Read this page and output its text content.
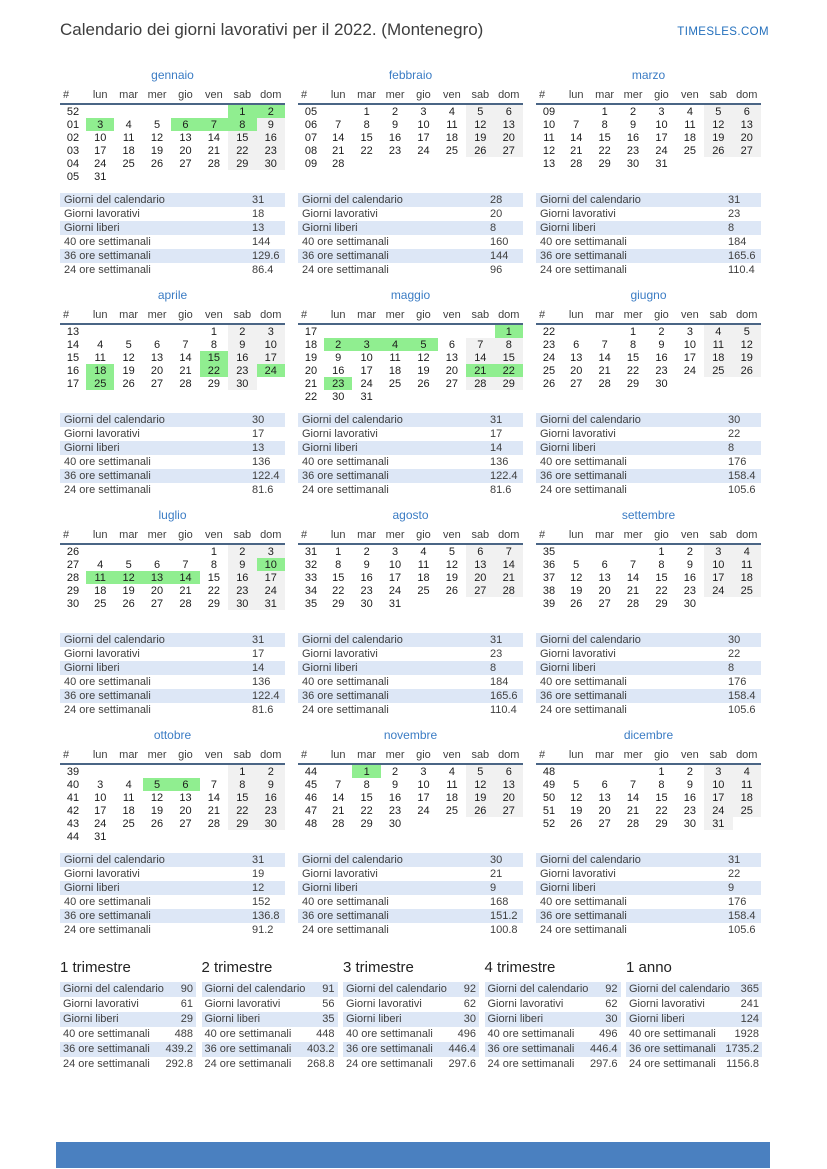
Calendario dei giorni lavorativi per il 2022. (Montenegro)	TIMESLES.COM
gennaio
#	lun	mar	mer	gio	ven	sab	dom
52						1	2
01	3	4	5	6	7	8	9
02	10	11	12	13	14	15	16
03	17	18	19	20	21	22	23
04	24	25	26	27	28	29	30
05	31						
Giorni del calendario	31
Giorni lavorativi	18
Giorni liberi	13
40 ore settimanali	144
36 ore settimanali	129.6
24 ore settimanali	86.4
febbraio
#	lun	mar	mer	gio	ven	sab	dom
05		1	2	3	4	5	6
06	7	8	9	10	11	12	13
07	14	15	16	17	18	19	20
08	21	22	23	24	25	26	27
09	28						
Giorni del calendario	28
Giorni lavorativi	20
Giorni liberi	8
40 ore settimanali	160
36 ore settimanali	144
24 ore settimanali	96
marzo
#	lun	mar	mer	gio	ven	sab	dom
09		1	2	3	4	5	6
10	7	8	9	10	11	12	13
11	14	15	16	17	18	19	20
12	21	22	23	24	25	26	27
13	28	29	30	31			
Giorni del calendario	31
Giorni lavorativi	23
Giorni liberi	8
40 ore settimanali	184
36 ore settimanali	165.6
24 ore settimanali	110.4
aprile
#	lun	mar	mer	gio	ven	sab	dom
13					1	2	3
14	4	5	6	7	8	9	10
15	11	12	13	14	15	16	17
16	18	19	20	21	22	23	24
17	25	26	27	28	29	30	
Giorni del calendario	30
Giorni lavorativi	17
Giorni liberi	13
40 ore settimanali	136
36 ore settimanali	122.4
24 ore settimanali	81.6
maggio
#	lun	mar	mer	gio	ven	sab	dom
17							1
18	2	3	4	5	6	7	8
19	9	10	11	12	13	14	15
20	16	17	18	19	20	21	22
21	23	24	25	26	27	28	29
22	30	31					
Giorni del calendario	31
Giorni lavorativi	17
Giorni liberi	14
40 ore settimanali	136
36 ore settimanali	122.4
24 ore settimanali	81.6
giugno
#	lun	mar	mer	gio	ven	sab	dom
22			1	2	3	4	5
23	6	7	8	9	10	11	12
24	13	14	15	16	17	18	19
25	20	21	22	23	24	25	26
26	27	28	29	30			
Giorni del calendario	30
Giorni lavorativi	22
Giorni liberi	8
40 ore settimanali	176
36 ore settimanali	158.4
24 ore settimanali	105.6
luglio
#	lun	mar	mer	gio	ven	sab	dom
26					1	2	3
27	4	5	6	7	8	9	10
28	11	12	13	14	15	16	17
29	18	19	20	21	22	23	24
30	25	26	27	28	29	30	31
Giorni del calendario	31
Giorni lavorativi	17
Giorni liberi	14
40 ore settimanali	136
36 ore settimanali	122.4
24 ore settimanali	81.6
agosto
#	lun	mar	mer	gio	ven	sab	dom
31	1	2	3	4	5	6	7
32	8	9	10	11	12	13	14
33	15	16	17	18	19	20	21
34	22	23	24	25	26	27	28
35	29	30	31				
Giorni del calendario	31
Giorni lavorativi	23
Giorni liberi	8
40 ore settimanali	184
36 ore settimanali	165.6
24 ore settimanali	110.4
settembre
#	lun	mar	mer	gio	ven	sab	dom
35				1	2	3	4
36	5	6	7	8	9	10	11
37	12	13	14	15	16	17	18
38	19	20	21	22	23	24	25
39	26	27	28	29	30		
Giorni del calendario	30
Giorni lavorativi	22
Giorni liberi	8
40 ore settimanali	176
36 ore settimanali	158.4
24 ore settimanali	105.6
ottobre
#	lun	mar	mer	gio	ven	sab	dom
39						1	2
40	3	4	5	6	7	8	9
41	10	11	12	13	14	15	16
42	17	18	19	20	21	22	23
43	24	25	26	27	28	29	30
44	31						
Giorni del calendario	31
Giorni lavorativi	19
Giorni liberi	12
40 ore settimanali	152
36 ore settimanali	136.8
24 ore settimanali	91.2
novembre
#	lun	mar	mer	gio	ven	sab	dom
44		1	2	3	4	5	6
45	7	8	9	10	11	12	13
46	14	15	16	17	18	19	20
47	21	22	23	24	25	26	27
48	28	29	30				
Giorni del calendario	30
Giorni lavorativi	21
Giorni liberi	9
40 ore settimanali	168
36 ore settimanali	151.2
24 ore settimanali	100.8
dicembre
#	lun	mar	mer	gio	ven	sab	dom
48				1	2	3	4
49	5	6	7	8	9	10	11
50	12	13	14	15	16	17	18
51	19	20	21	22	23	24	25
52	26	27	28	29	30	31	
Giorni del calendario	31
Giorni lavorativi	22
Giorni liberi	9
40 ore settimanali	176
36 ore settimanali	158.4
24 ore settimanali	105.6
1 trimestre
Giorni del calendario	90
Giorni lavorativi	61
Giorni liberi	29
40 ore settimanali	488
36 ore settimanali	439.2
24 ore settimanali	292.8
2 trimestre
Giorni del calendario	91
Giorni lavorativi	56
Giorni liberi	35
40 ore settimanali	448
36 ore settimanali	403.2
24 ore settimanali	268.8
3 trimestre
Giorni del calendario	92
Giorni lavorativi	62
Giorni liberi	30
40 ore settimanali	496
36 ore settimanali	446.4
24 ore settimanali	297.6
4 trimestre
Giorni del calendario	92
Giorni lavorativi	62
Giorni liberi	30
40 ore settimanali	496
36 ore settimanali	446.4
24 ore settimanali	297.6
1 anno
Giorni del calendario 365
Giorni lavorativi	241
Giorni liberi	124
40 ore settimanali	1928
36 ore settimanali 1735.2
24 ore settimanali 1156.8
